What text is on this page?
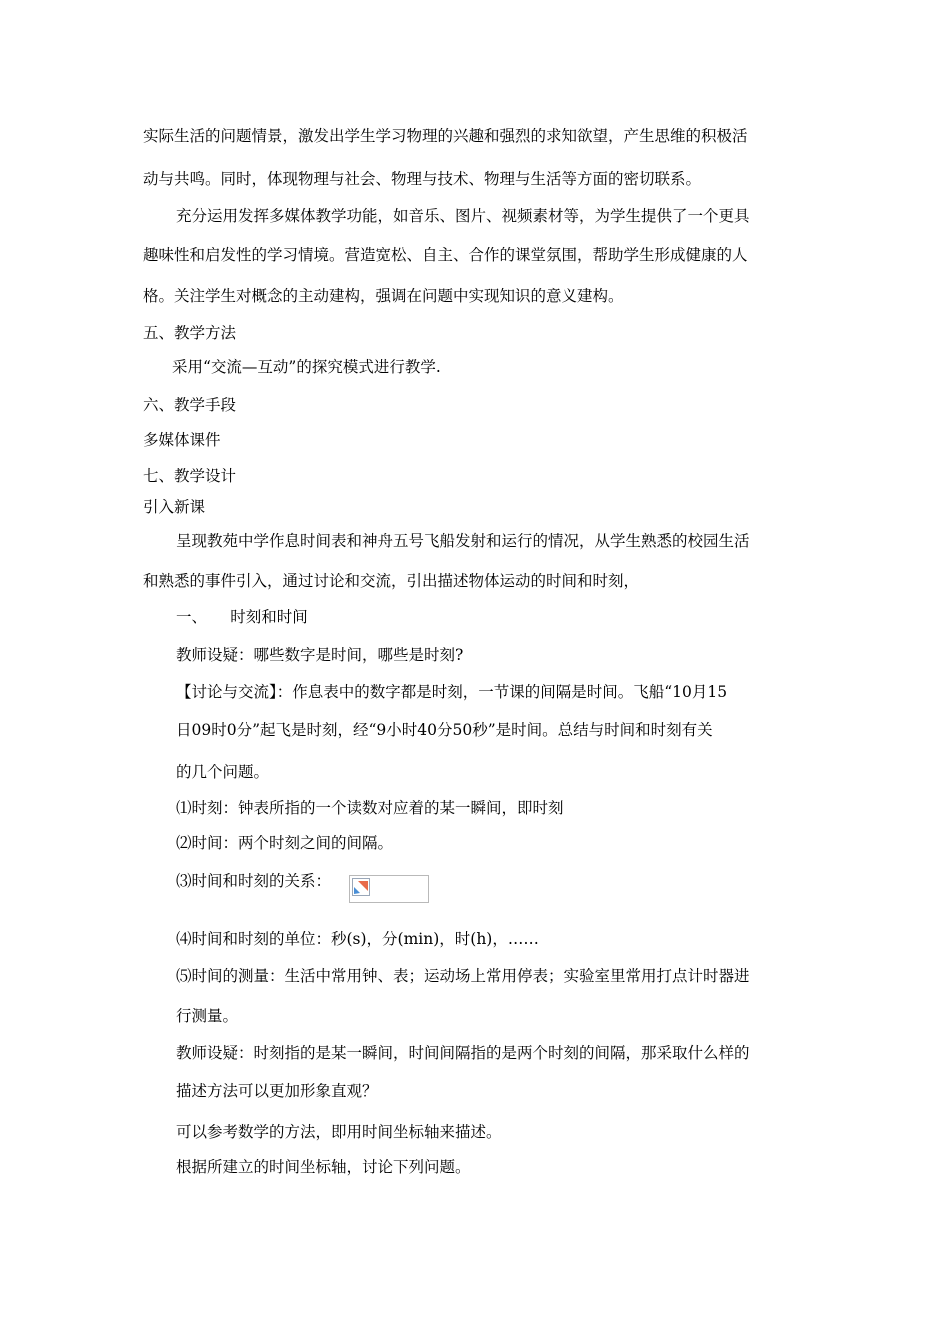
实际生活的问题情景，激发出学生学习物理的兴趣和强烈的求知欲望，产生思维的积极活
动与共鸣。同时，体现物理与社会、物理与技术、物理与生活等方面的密切联系。
充分运用发挥多媒体教学功能，如音乐、图片、视频素材等，为学生提供了一个更具
趣味性和启发性的学习情境。营造宽松、自主、合作的课堂氛围，帮助学生形成健康的人
格。关注学生对概念的主动建构，强调在问题中实现知识的意义建构。
五、教学方法
采用“交流—互动”的探究模式进行教学.
六、教学手段
多媒体课件
七、教学设计
引入新课
呈现教苑中学作息时间表和神舟五号飞船发射和运行的情况，从学生熟悉的校园生活
和熟悉的事件引入，通过讨论和交流，引出描述物体运动的时间和时刻，
一、　　时刻和时间
教师设疑：哪些数字是时间，哪些是时刻?
【讨论与交流】：作息表中的数字都是时刻，一节课的间隔是时间。飞船“10月15
日09时0分”起飞是时刻，经“9小时40分50秒”是时间。总结与时间和时刻有关
的几个问题。
⑴时刻：钟表所指的一个读数对应着的某一瞬间，即时刻
⑵时间：两个时刻之间的间隔。
⑶时间和时刻的关系：
⑷时间和时刻的单位：秒(s)，分(min)，时(h)，……
⑸时间的测量：生活中常用钟、表；运动场上常用停表；实验室里常用打点计时器进
行测量。
教师设疑：时刻指的是某一瞬间，时间间隔指的是两个时刻的间隔，那采取什么样的
描述方法可以更加形象直观？
可以参考数学的方法，即用时间坐标轴来描述。
根据所建立的时间坐标轴，讨论下列问题。
